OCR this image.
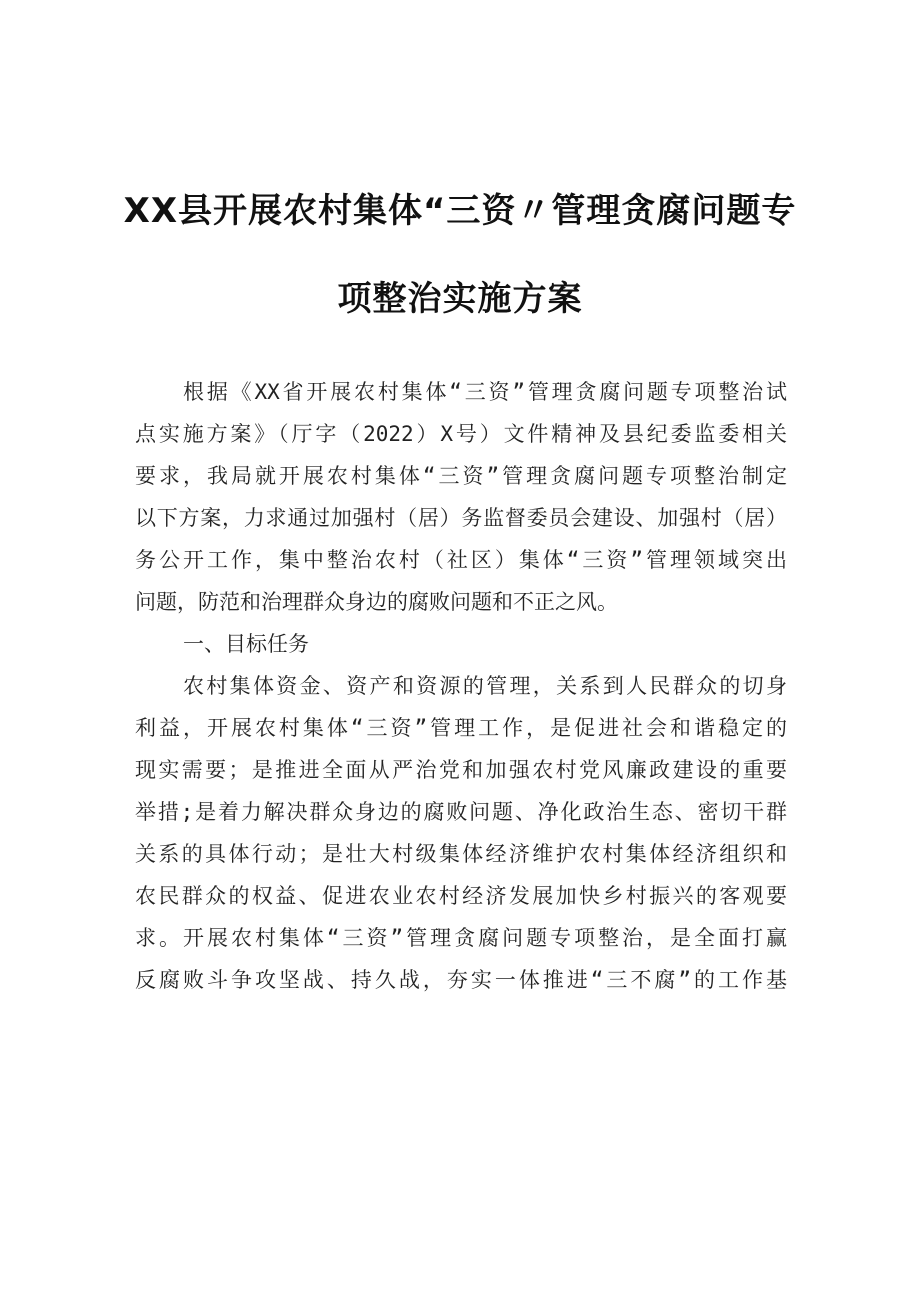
XX县开展农村集体“三资〃管理贪腐问题专
项整治实施方案

根据《XX省开展农村集体“三资”管理贪腐问题专项整治试

点实施方案》（厅字（2022）X号）文件精神及县纪委监委相关

要求，我局就开展农村集体“三资”管理贪腐问题专项整治制定

以下方案，力求通过加强村（居）务监督委员会建设、加强村（居）

务公开工作，集中整治农村（社区）集体“三资”管理领域突出

问题，防范和治理群众身边的腐败问题和不正之风。

一、目标任务

农村集体资金、资产和资源的管理，关系到人民群众的切身

利益，开展农村集体“三资”管理工作，是促进社会和谐稳定的

现实需要；是推进全面从严治党和加强农村党风廉政建设的重要

举措;是着力解决群众身边的腐败问题、净化政治生态、密切干群

关系的具体行动；是壮大村级集体经济维护农村集体经济组织和

农民群众的权益、促进农业农村经济发展加快乡村振兴的客观要

求。开展农村集体“三资”管理贪腐问题专项整治，是全面打赢

反腐败斗争攻坚战、持久战，夯实一体推进“三不腐”的工作基
